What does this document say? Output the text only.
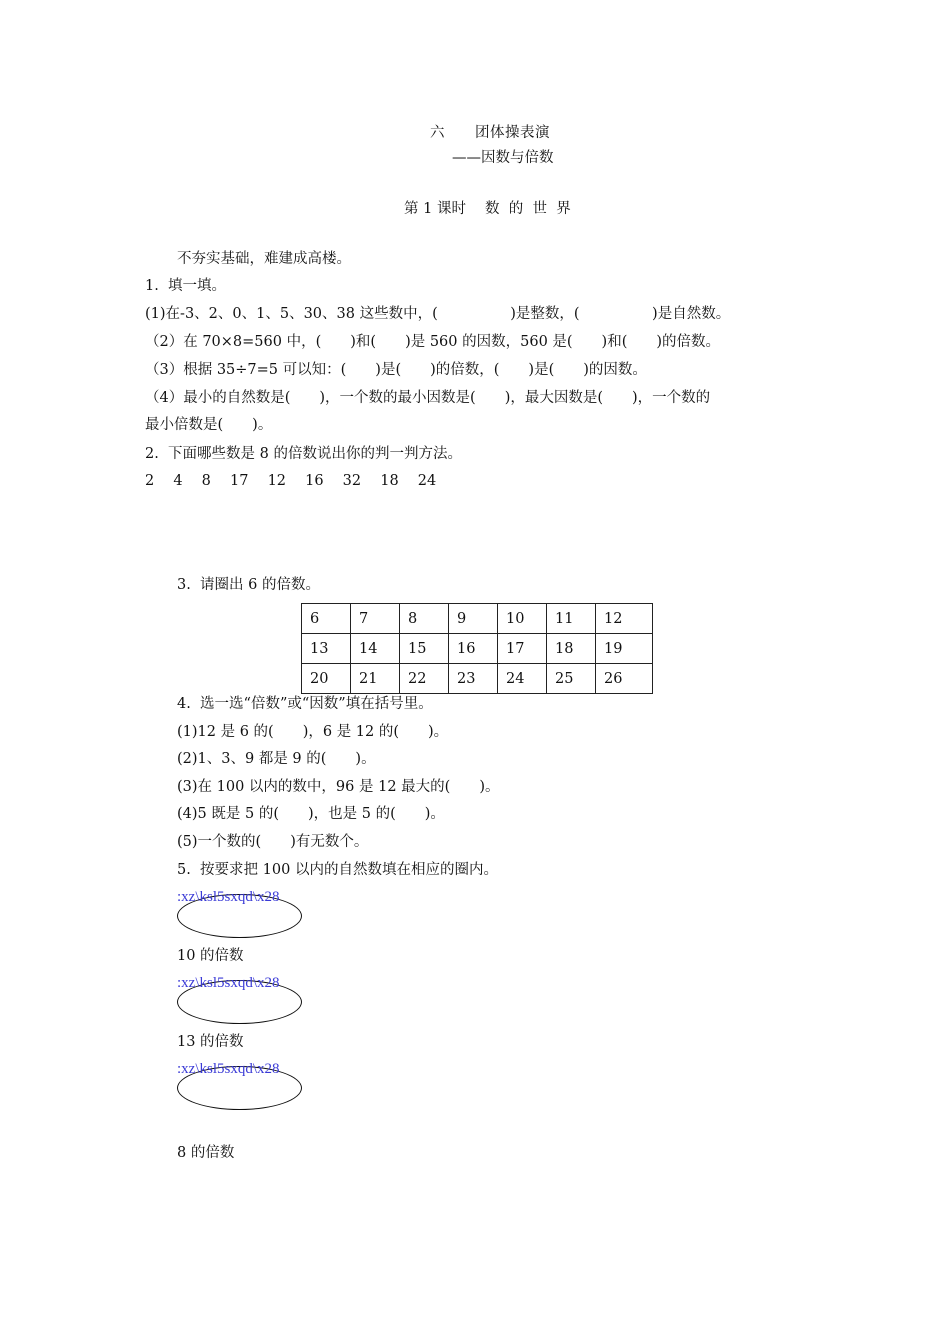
六　　团体操表演
——因数与倍数
第 1 课时　 数  的  世  界
不夯实基础，难建成高楼。
1.  填一填。
(1)在-3、2、0、1、5、30、38 这些数中，(　　　　　)是整数，(　　　　　)是自然数。
（2）在 70×8=560 中，(　　)和(　　)是 560 的因数，560 是(　　)和(　　)的倍数。
（3）根据 35÷7=5 可以知：(　　)是(　　)的倍数，(　　)是(　　)的因数。
（4）最小的自然数是(　　)，一个数的最小因数是(　　)，最大因数是(　　)，一个数的
最小倍数是(　　)。
2.  下面哪些数是 8 的倍数说出你的判一判方法。
2　 4　 8　 17　 12　 16　 32　 18　 24
3.  请圈出 6 的倍数。
6	7	8	9	10	11	12
13	14	15	16	17	18	19
20	21	22	23	24	25	26
4.  选一选“倍数”或“因数”填在括号里。
(1)12 是 6 的(　　)，6 是 12 的(　　)。
(2)1、3、9 都是 9 的(　　)。
(3)在 100 以内的数中，96 是 12 最大的(　　)。
(4)5 既是 5 的(　　)，也是 5 的(　　)。
(5)一个数的(　　)有无数个。
5.  按要求把 100 以内的自然数填在相应的圈内。
:xz\ksl5sxqd\x28
10 的倍数
:xz\ksl5sxqd\x28
13 的倍数
:xz\ksl5sxqd\x28
8 的倍数
